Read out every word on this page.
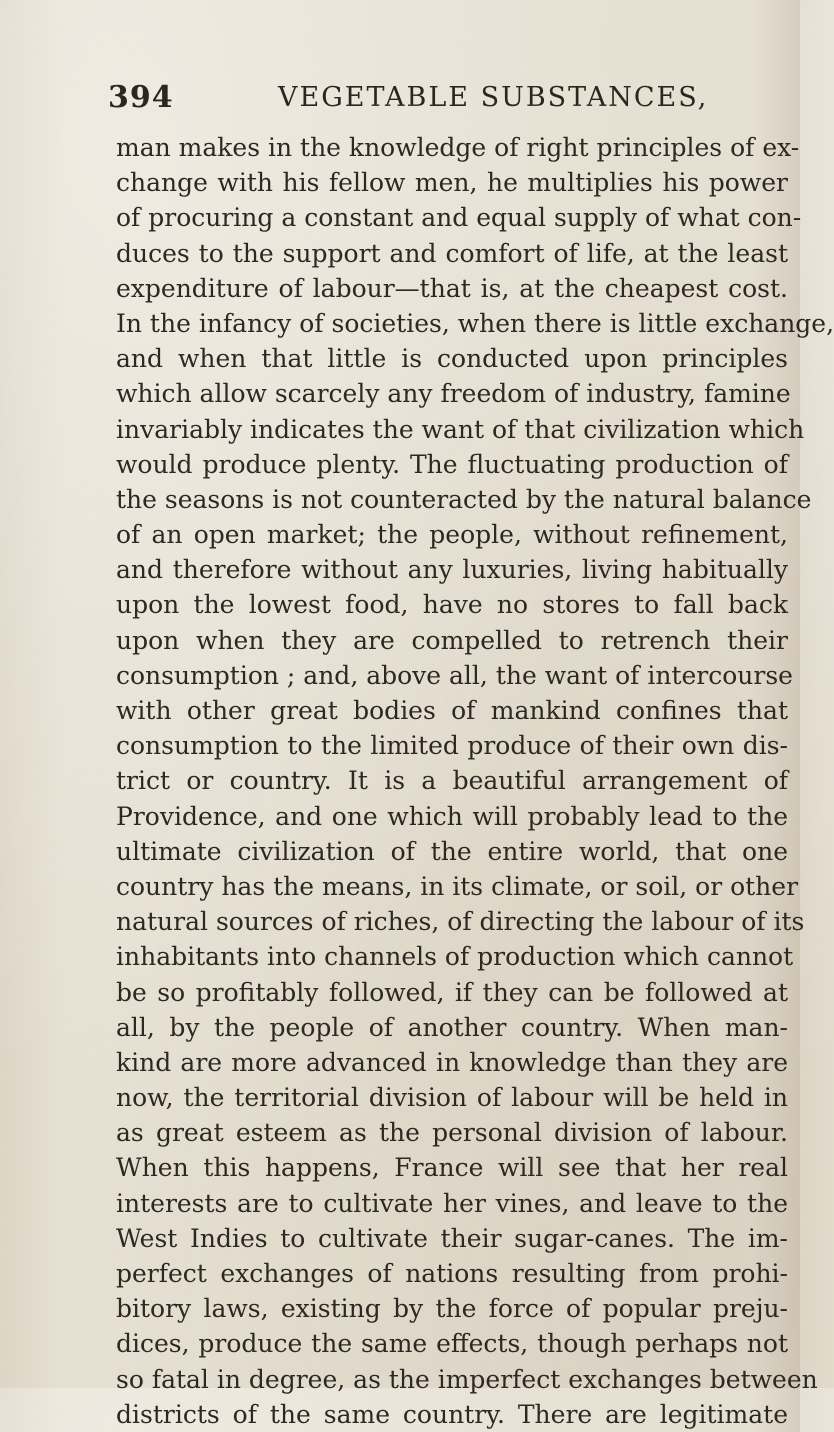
394	VEGETABLE SUBSTANCES,
man makes in the knowledge of right principles of ex-
change with his fellow men, he multiplies his power
of procuring a constant and equal supply of what con-
duces to the support and comfort of life, at the least
expenditure of labour—that is, at the cheapest cost.
In the infancy of societies, when there is little exchange,
and when that little is conducted upon principles
which allow scarcely any freedom of industry, famine
invariably indicates the want of that civilization which
would produce plenty. The fluctuating production of
the seasons is not counteracted by the natural balance
of an open market; the people, without refinement,
and therefore without any luxuries, living habitually
upon the lowest food, have no stores to fall back
upon when they are compelled to retrench their
consumption ; and, above all, the want of intercourse
with other great bodies of mankind confines that
consumption to the limited produce of their own dis-
trict or country. It is a beautiful arrangement of
Providence, and one which will probably lead to the
ultimate civilization of the entire world, that one
country has the means, in its climate, or soil, or other
natural sources of riches, of directing the labour of its
inhabitants into channels of production which cannot
be so profitably followed, if they can be followed at
all, by the people of another country. When man-
kind are more advanced in knowledge than they are
now, the territorial division of labour will be held in
as great esteem as the personal division of labour.
When this happens, France will see that her real
interests are to cultivate her vines, and leave to the
West Indies to cultivate their sugar-canes. The im-
perfect exchanges of nations resulting from prohi-
bitory laws, existing by the force of popular preju-
dices, produce the same effects, though perhaps not
so fatal in degree, as the imperfect exchanges between
districts of the same country. There are legitimate
